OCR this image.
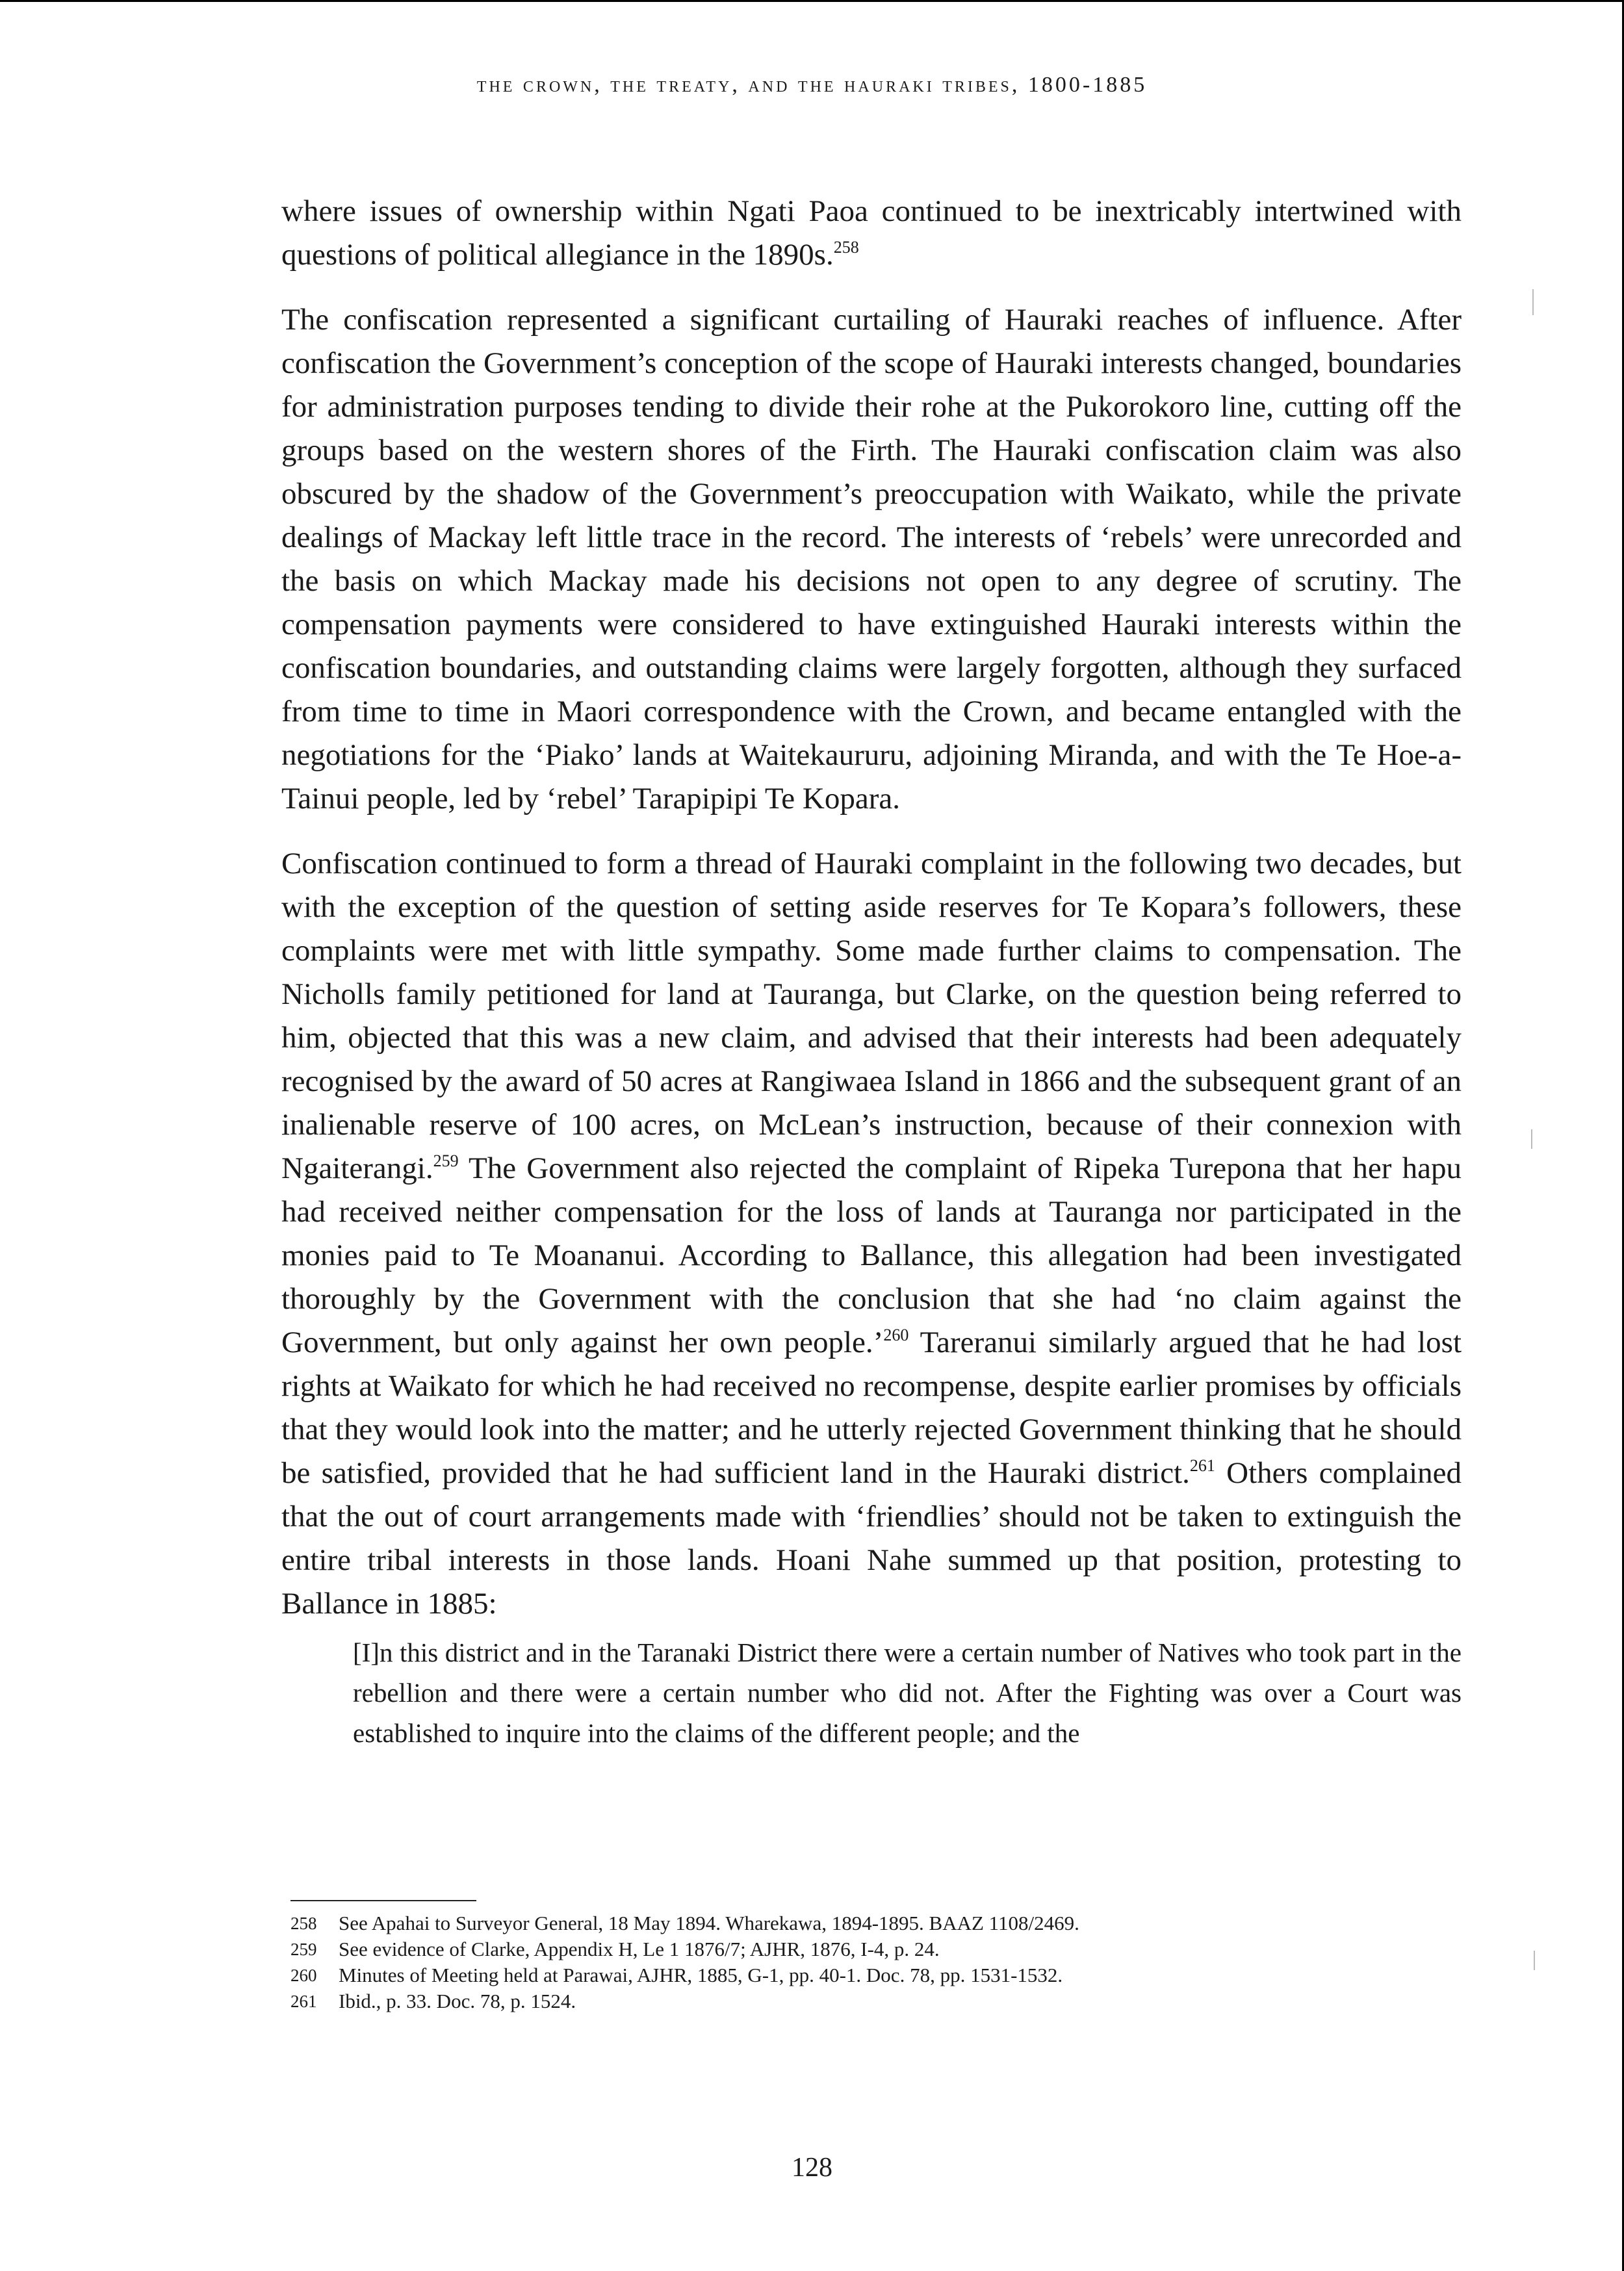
the crown, the treaty, and the hauraki tribes, 1800-1885

where issues of ownership within Ngati Paoa continued to be inextricably intertwined with questions of political allegiance in the 1890s.$^{258}$

The confiscation represented a significant curtailing of Hauraki reaches of influence. After confiscation the Government’s conception of the scope of Hauraki interests changed, boundaries for administration purposes tending to divide their rohe at the Pukorokoro line, cutting off the groups based on the western shores of the Firth. The Hauraki confiscation claim was also obscured by the shadow of the Government’s preoccupation with Waikato, while the private dealings of Mackay left little trace in the record. The interests of ‘rebels’ were unrecorded and the basis on which Mackay made his decisions not open to any degree of scrutiny. The compensation payments were considered to have extinguished Hauraki interests within the confiscation boundaries, and outstanding claims were largely forgotten, although they surfaced from time to time in Maori correspondence with the Crown, and became entangled with the negotiations for the ‘Piako’ lands at Waitekaururu, adjoining Miranda, and with the Te Hoe-a-Tainui people, led by ‘rebel’ Tarapipipi Te Kopara.

Confiscation continued to form a thread of Hauraki complaint in the following two decades, but with the exception of the question of setting aside reserves for Te Kopara’s followers, these complaints were met with little sympathy. Some made further claims to compensation. The Nicholls family petitioned for land at Tauranga, but Clarke, on the question being referred to him, objected that this was a new claim, and advised that their interests had been adequately recognised by the award of 50 acres at Rangiwaea Island in 1866 and the subsequent grant of an inalienable reserve of 100 acres, on McLean’s instruction, because of their connexion with Ngaiterangi.$^{259}$ The Government also rejected the complaint of Ripeka Turepona that her hapu had received neither compensation for the loss of lands at Tauranga nor participated in the monies paid to Te Moananui. According to Ballance, this allegation had been investigated thoroughly by the Government with the conclusion that she had ‘no claim against the Government, but only against her own people.’$^{260}$ Tareranui similarly argued that he had lost rights at Waikato for which he had received no recompense, despite earlier promises by officials that they would look into the matter; and he utterly rejected Government thinking that he should be satisfied, provided that he had sufficient land in the Hauraki district.$^{261}$ Others complained that the out of court arrangements made with ‘friendlies’ should not be taken to extinguish the entire tribal interests in those lands. Hoani Nahe summed up that position, protesting to Ballance in 1885:

[I]n this district and in the Taranaki District there were a certain number of Natives who took part in the rebellion and there were a certain number who did not. After the Fighting was over a Court was established to inquire into the claims of the different people; and the

258	See Apahai to Surveyor General, 18 May 1894. Wharekawa, 1894-1895. BAAZ 1108/2469.
259	See evidence of Clarke, Appendix H, Le 1 1876/7; AJHR, 1876, I-4, p. 24.
260	Minutes of Meeting held at Parawai, AJHR, 1885, G-1, pp. 40-1. Doc. 78, pp. 1531-1532.
261	Ibid., p. 33. Doc. 78, p. 1524.
128
